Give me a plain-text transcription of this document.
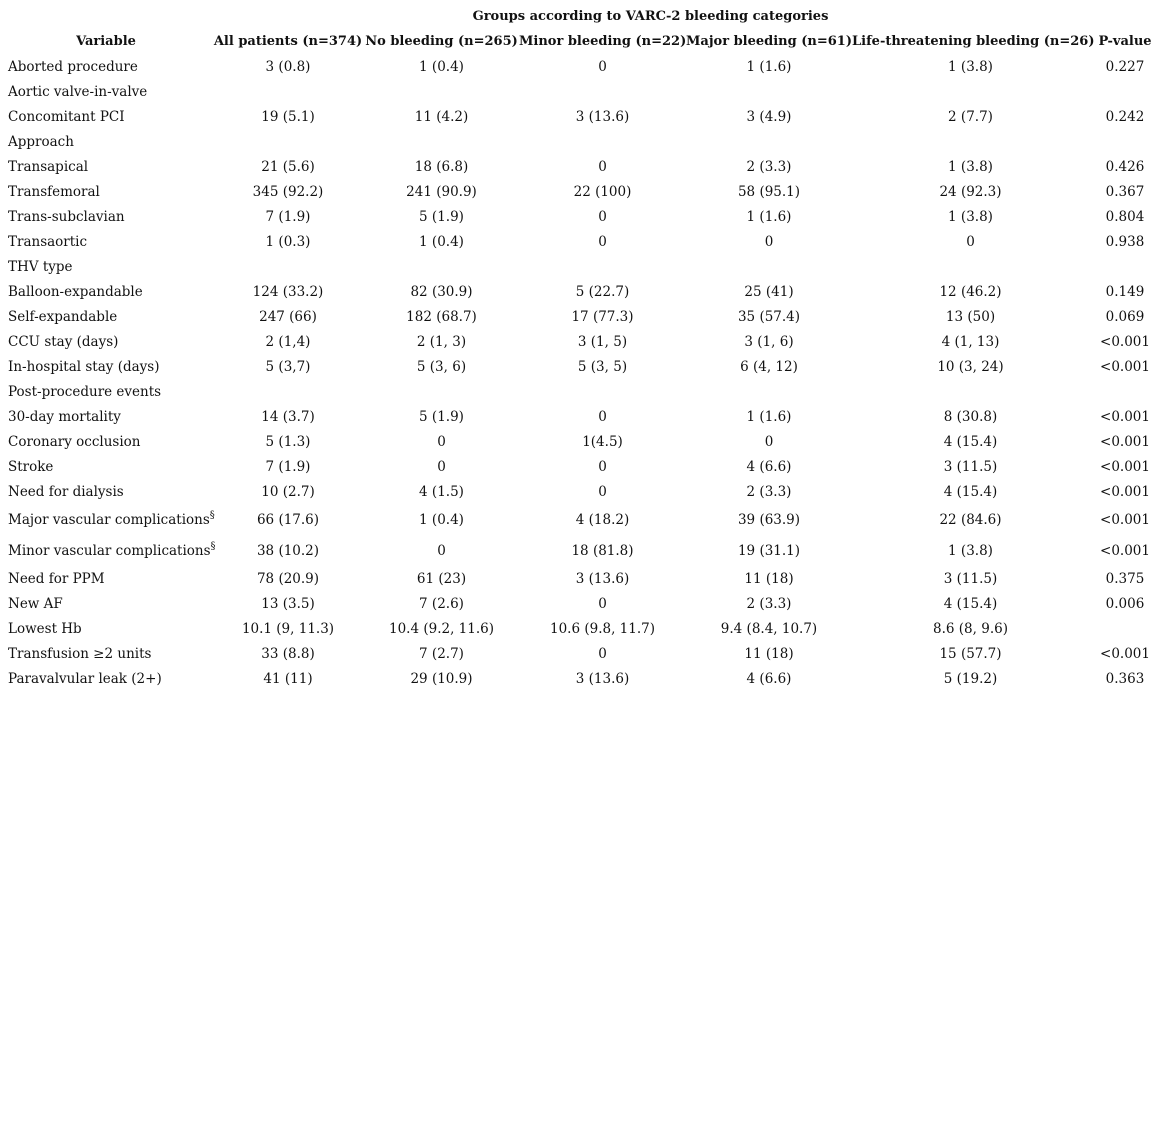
	Groups according to VARC-2 bleeding categories					
Variable	All patients (n=374)	No bleeding (n=265)	Minor bleeding (n=22)	Major bleeding (n=61)	Life-threatening bleeding (n=26)	P-value
Aborted procedure	3 (0.8)	1 (0.4)	0	1 (1.6)	1 (3.8)	0.227
Aortic valve-in-valve						
Concomitant PCI	19 (5.1)	11 (4.2)	3 (13.6)	3 (4.9)	2 (7.7)	0.242
Approach						
Transapical	21 (5.6)	18 (6.8)	0	2 (3.3)	1 (3.8)	0.426
Transfemoral	345 (92.2)	241 (90.9)	22 (100)	58 (95.1)	24 (92.3)	0.367
Trans-subclavian	7 (1.9)	5 (1.9)	0	1 (1.6)	1 (3.8)	0.804
Transaortic	1 (0.3)	1 (0.4)	0	0	0	0.938
THV type						
Balloon-expandable	124 (33.2)	82 (30.9)	5 (22.7)	25 (41)	12 (46.2)	0.149
Self-expandable	247 (66)	182 (68.7)	17 (77.3)	35 (57.4)	13 (50)	0.069
CCU stay (days)	2 (1,4)	2 (1, 3)	3 (1, 5)	3 (1, 6)	4 (1, 13)	<0.001
In-hospital stay (days)	5 (3,7)	5 (3, 6)	5 (3, 5)	6 (4, 12)	10 (3, 24)	<0.001
Post-procedure events						
30-day mortality	14 (3.7)	5 (1.9)	0	1 (1.6)	8 (30.8)	<0.001
Coronary occlusion	5 (1.3)	0	1(4.5)	0	4 (15.4)	<0.001
Stroke	7 (1.9)	0	0	4 (6.6)	3 (11.5)	<0.001
Need for dialysis	10 (2.7)	4 (1.5)	0	2 (3.3)	4 (15.4)	<0.001
Major vascular complications§	66 (17.6)	1 (0.4)	4 (18.2)	39 (63.9)	22 (84.6)	<0.001
Minor vascular complications§	38 (10.2)	0	18 (81.8)	19 (31.1)	1 (3.8)	<0.001
Need for PPM	78 (20.9)	61 (23)	3 (13.6)	11 (18)	3 (11.5)	0.375
New AF	13 (3.5)	7 (2.6)	0	2 (3.3)	4 (15.4)	0.006
Lowest Hb	10.1 (9, 11.3)	10.4 (9.2, 11.6)	10.6 (9.8, 11.7)	9.4 (8.4, 10.7)	8.6 (8, 9.6)	
Transfusion ≥2 units	33 (8.8)	7 (2.7)	0	11 (18)	15 (57.7)	<0.001
Paravalvular leak (2+)	41 (11)	29 (10.9)	3 (13.6)	4 (6.6)	5 (19.2)	0.363
